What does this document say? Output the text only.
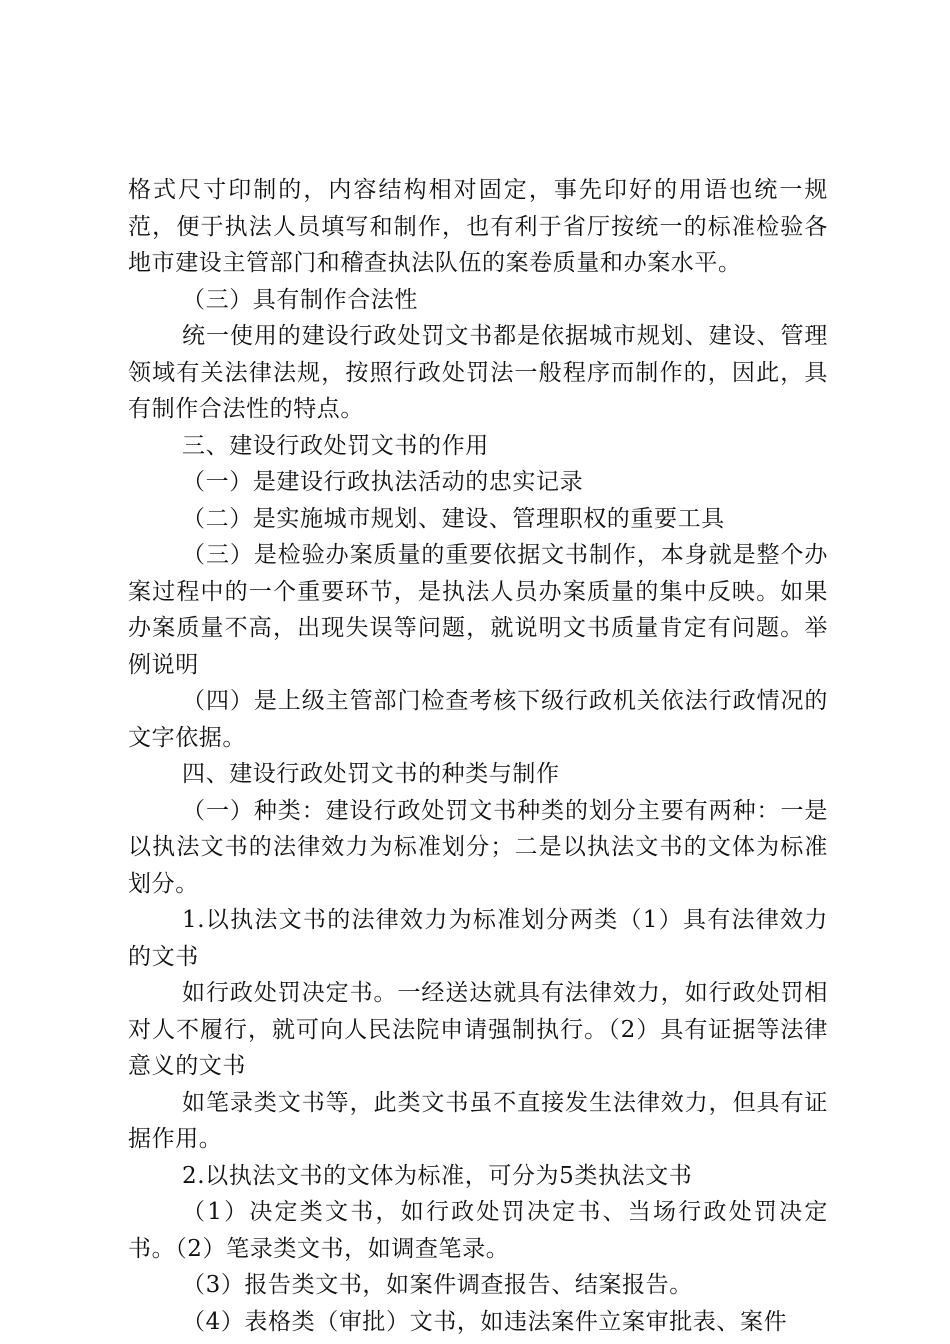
格式尺寸印制的，内容结构相对固定，事先印好的用语也统一规范，便于执法人员填写和制作，也有利于省厅按统一的标准检验各地市建设主管部门和稽查执法队伍的案卷质量和办案水平。

（三）具有制作合法性

统一使用的建设行政处罚文书都是依据城市规划、建设、管理领域有关法律法规，按照行政处罚法一般程序而制作的，因此，具有制作合法性的特点。

三、建设行政处罚文书的作用

（一）是建设行政执法活动的忠实记录

（二）是实施城市规划、建设、管理职权的重要工具

（三）是检验办案质量的重要依据文书制作，本身就是整个办案过程中的一个重要环节，是执法人员办案质量的集中反映。如果办案质量不高，出现失误等问题，就说明文书质量肯定有问题。举例说明

（四）是上级主管部门检查考核下级行政机关依法行政情况的文字依据。

四、建设行政处罚文书的种类与制作

（一）种类：建设行政处罚文书种类的划分主要有两种：一是以执法文书的法律效力为标准划分；二是以执法文书的文体为标准划分。

1.以执法文书的法律效力为标准划分两类（1）具有法律效力的文书

如行政处罚决定书。一经送达就具有法律效力，如行政处罚相对人不履行，就可向人民法院申请强制执行。（2）具有证据等法律意义的文书

如笔录类文书等，此类文书虽不直接发生法律效力，但具有证据作用。

2.以执法文书的文体为标准，可分为5类执法文书

（1）决定类文书，如行政处罚决定书、当场行政处罚决定书。（2）笔录类文书，如调查笔录。

（3）报告类文书，如案件调查报告、结案报告。

（4）表格类（审批）文书，如违法案件立案审批表、案件
